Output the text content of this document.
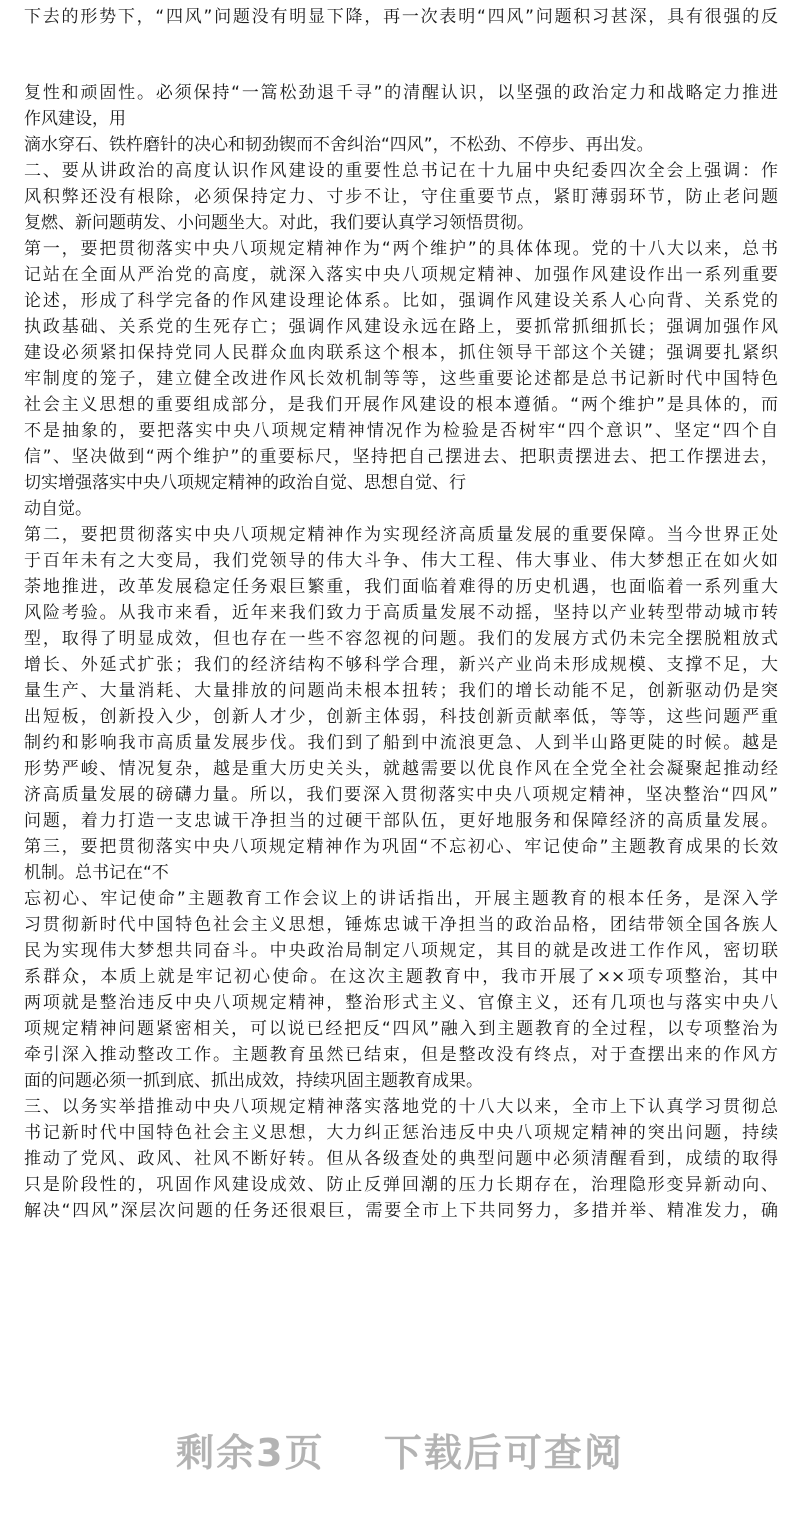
下去的形势下，“四风”问题没有明显下降，再一次表明“四风”问题积习甚深，具有很强的反

复性和顽固性。必须保持“一篙松劲退千寻”的清醒认识，以坚强的政治定力和战略定力推进

作风建设，用

滴水穿石、铁杵磨针的决心和韧劲锲而不舍纠治“四风”，不松劲、不停步、再出发。

二、要从讲政治的高度认识作风建设的重要性总书记在十九届中央纪委四次全会上强调：作

风积弊还没有根除，必须保持定力、寸步不让，守住重要节点，紧盯薄弱环节，防止老问题

复燃、新问题萌发、小问题坐大。对此，我们要认真学习领悟贯彻。

第一，要把贯彻落实中央八项规定精神作为“两个维护”的具体体现。党的十八大以来，总书

记站在全面从严治党的高度，就深入落实中央八项规定精神、加强作风建设作出一系列重要

论述，形成了科学完备的作风建设理论体系。比如，强调作风建设关系人心向背、关系党的

执政基础、关系党的生死存亡；强调作风建设永远在路上，要抓常抓细抓长；强调加强作风

建设必须紧扣保持党同人民群众血肉联系这个根本，抓住领导干部这个关键；强调要扎紧织

牢制度的笼子，建立健全改进作风长效机制等等，这些重要论述都是总书记新时代中国特色

社会主义思想的重要组成部分，是我们开展作风建设的根本遵循。“两个维护”是具体的，而

不是抽象的，要把落实中央八项规定精神情况作为检验是否树牢“四个意识”、坚定“四个自

信”、坚决做到“两个维护”的重要标尺，坚持把自己摆进去、把职责摆进去、把工作摆进去，

切实增强落实中央八项规定精神的政治自觉、思想自觉、行

动自觉。

第二，要把贯彻落实中央八项规定精神作为实现经济高质量发展的重要保障。当今世界正处

于百年未有之大变局，我们党领导的伟大斗争、伟大工程、伟大事业、伟大梦想正在如火如

荼地推进，改革发展稳定任务艰巨繁重，我们面临着难得的历史机遇，也面临着一系列重大

风险考验。从我市来看，近年来我们致力于高质量发展不动摇，坚持以产业转型带动城市转

型，取得了明显成效，但也存在一些不容忽视的问题。我们的发展方式仍未完全摆脱粗放式

增长、外延式扩张；我们的经济结构不够科学合理，新兴产业尚未形成规模、支撑不足，大

量生产、大量消耗、大量排放的问题尚未根本扭转；我们的增长动能不足，创新驱动仍是突

出短板，创新投入少，创新人才少，创新主体弱，科技创新贡献率低，等等，这些问题严重

制约和影响我市高质量发展步伐。我们到了船到中流浪更急、人到半山路更陡的时候。越是

形势严峻、情况复杂，越是重大历史关头，就越需要以优良作风在全党全社会凝聚起推动经

济高质量发展的磅礴力量。所以，我们要深入贯彻落实中央八项规定精神，坚决整治“四风”

问题，着力打造一支忠诚干净担当的过硬干部队伍，更好地服务和保障经济的高质量发展。

第三，要把贯彻落实中央八项规定精神作为巩固“不忘初心、牢记使命”主题教育成果的长效

机制。总书记在“不

忘初心、牢记使命”主题教育工作会议上的讲话指出，开展主题教育的根本任务，是深入学

习贯彻新时代中国特色社会主义思想，锤炼忠诚干净担当的政治品格，团结带领全国各族人

民为实现伟大梦想共同奋斗。中央政治局制定八项规定，其目的就是改进工作作风，密切联

系群众，本质上就是牢记初心使命。在这次主题教育中，我市开展了××项专项整治，其中

两项就是整治违反中央八项规定精神，整治形式主义、官僚主义，还有几项也与落实中央八

项规定精神问题紧密相关，可以说已经把反“四风”融入到主题教育的全过程，以专项整治为

牵引深入推动整改工作。主题教育虽然已结束，但是整改没有终点，对于查摆出来的作风方

面的问题必须一抓到底、抓出成效，持续巩固主题教育成果。

三、以务实举措推动中央八项规定精神落实落地党的十八大以来，全市上下认真学习贯彻总

书记新时代中国特色社会主义思想，大力纠正惩治违反中央八项规定精神的突出问题，持续

推动了党风、政风、社风不断好转。但从各级查处的典型问题中必须清醒看到，成绩的取得

只是阶段性的，巩固作风建设成效、防止反弹回潮的压力长期存在，治理隐形变异新动向、

解决“四风”深层次问题的任务还很艰巨，需要全市上下共同努力，多措并举、精准发力，确

剩余3页 下载后可查阅
